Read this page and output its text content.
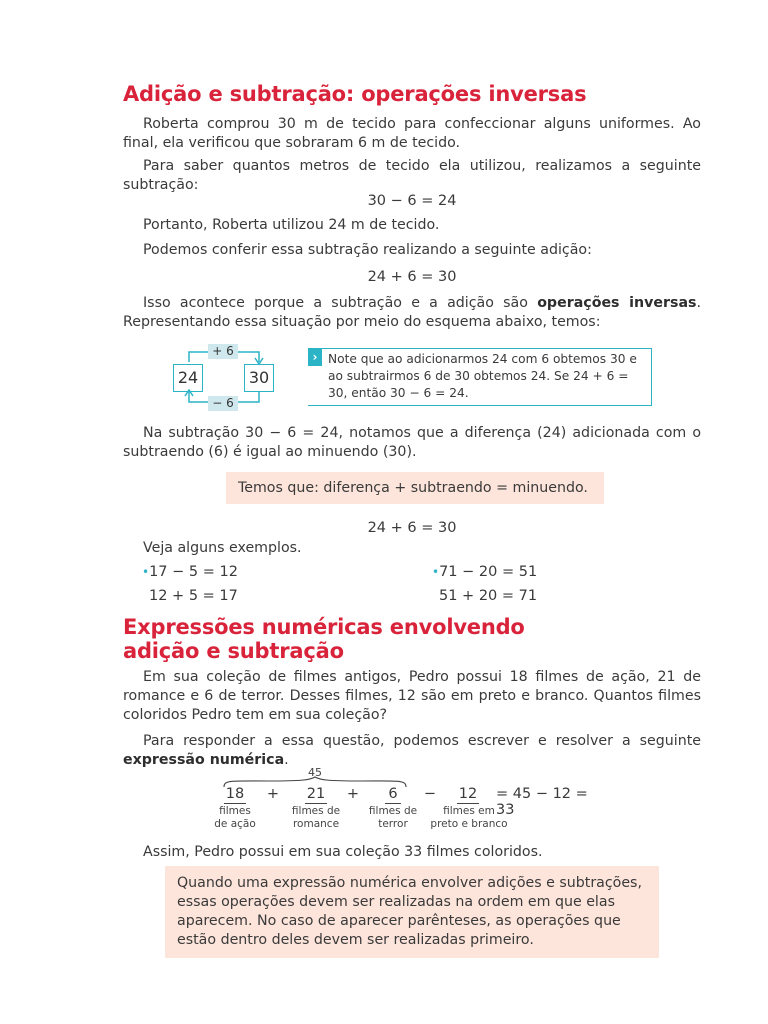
Adição e subtração: operações inversas

Roberta comprou 30 m de tecido para confeccionar alguns uniformes. Ao final, ela verificou que sobraram 6 m de tecido.

Para saber quantos metros de tecido ela utilizou, realizamos a seguinte subtração:

30 − 6 = 24

Portanto, Roberta utilizou 24 m de tecido.

Podemos conferir essa subtração realizando a seguinte adição:

24 + 6 = 30

Isso acontece porque a subtração e a adição são operações inversas. Representando essa situação por meio do esquema abaixo, temos:

+ 6
24	30
− 6
› Note que ao adicionarmos 24 com 6 obtemos 30 e ao subtrairmos 6 de 30 obtemos 24. Se 24 + 6 = 30, então 30 − 6 = 24.

Na subtração 30 − 6 = 24, notamos que a diferença (24) adicionada com o subtraendo (6) é igual ao minuendo (30).

Temos que: diferença + subtraendo = minuendo.

24 + 6 = 30

Veja alguns exemplos.

•17 − 5 = 12
12 + 5 = 17
•71 − 20 = 51
51 + 20 = 71
Expressões numéricas envolvendo
adição e subtração

Em sua coleção de filmes antigos, Pedro possui 18 filmes de ação, 21 de romance e 6 de terror. Desses filmes, 12 são em preto e branco. Quantos filmes coloridos Pedro tem em sua coleção?

Para responder a essa questão, podemos escrever e resolver a seguinte expressão numérica.

45
18
filmes
de ação
+ 21
filmes de
romance
+	6
filmes de
terror
− 12
filmes em
preto e branco
= 45 − 12 = 33

Assim, Pedro possui em sua coleção 33 filmes coloridos.

Quando uma expressão numérica envolver adições e subtrações, essas operações devem ser realizadas na ordem em que elas aparecem. No caso de aparecer parênteses, as operações que estão dentro deles devem ser realizadas primeiro.
